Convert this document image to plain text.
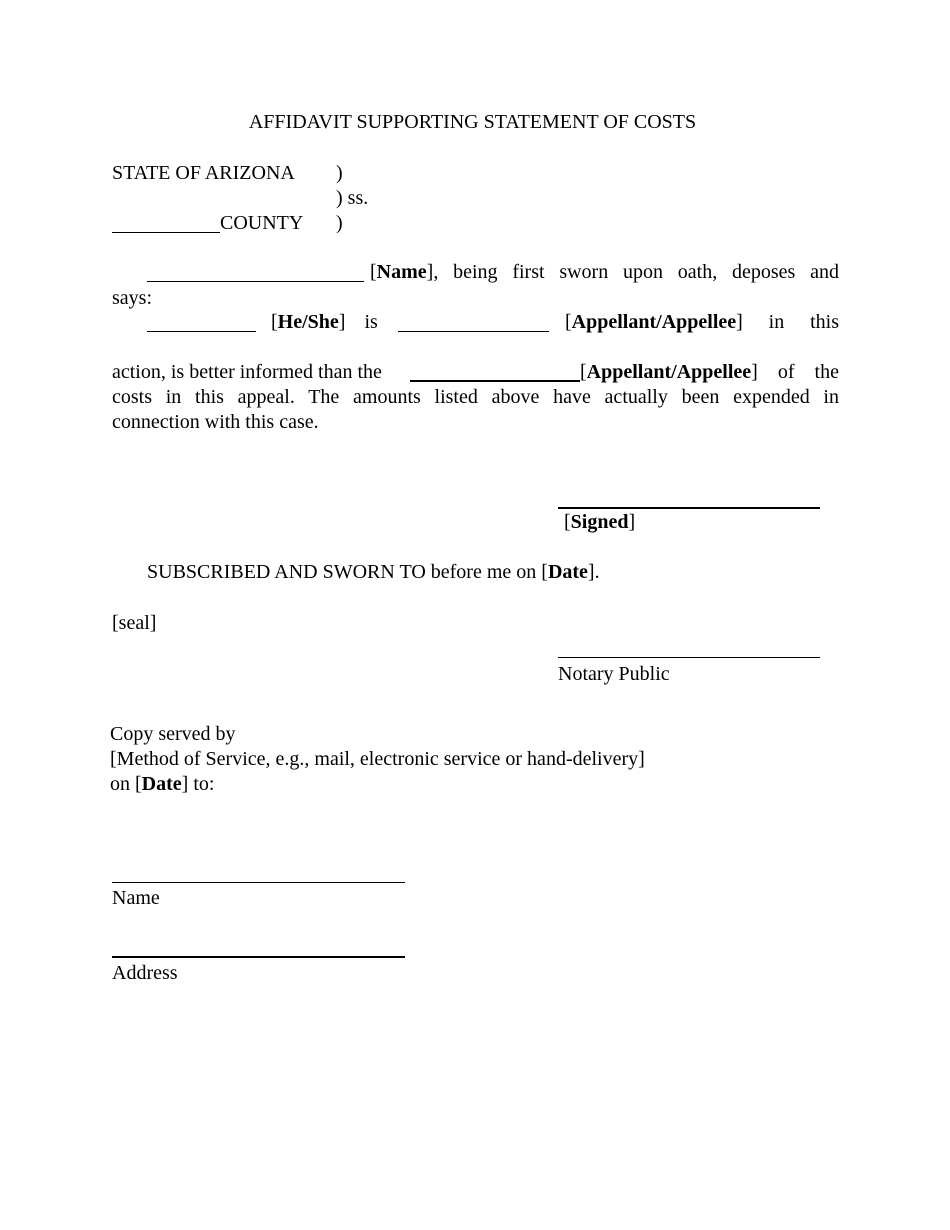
AFFIDAVIT SUPPORTING STATEMENT OF COSTS
STATE OF ARIZONA )
) ss.
COUNTY )
[Name], being first sworn upon oath, deposes and
says:
[He/She] is	[Appellant/Appellee] in this
action, is better informed than the	[Appellant/Appellee] of the
costs in this appeal. The amounts listed above have actually been expended in
connection with this case.
[Signed]
SUBSCRIBED AND SWORN TO before me on [Date].
[seal]
Notary Public
Copy served by
[Method of Service, e.g., mail, electronic service or hand-delivery]
on [Date] to:
Name
Address
